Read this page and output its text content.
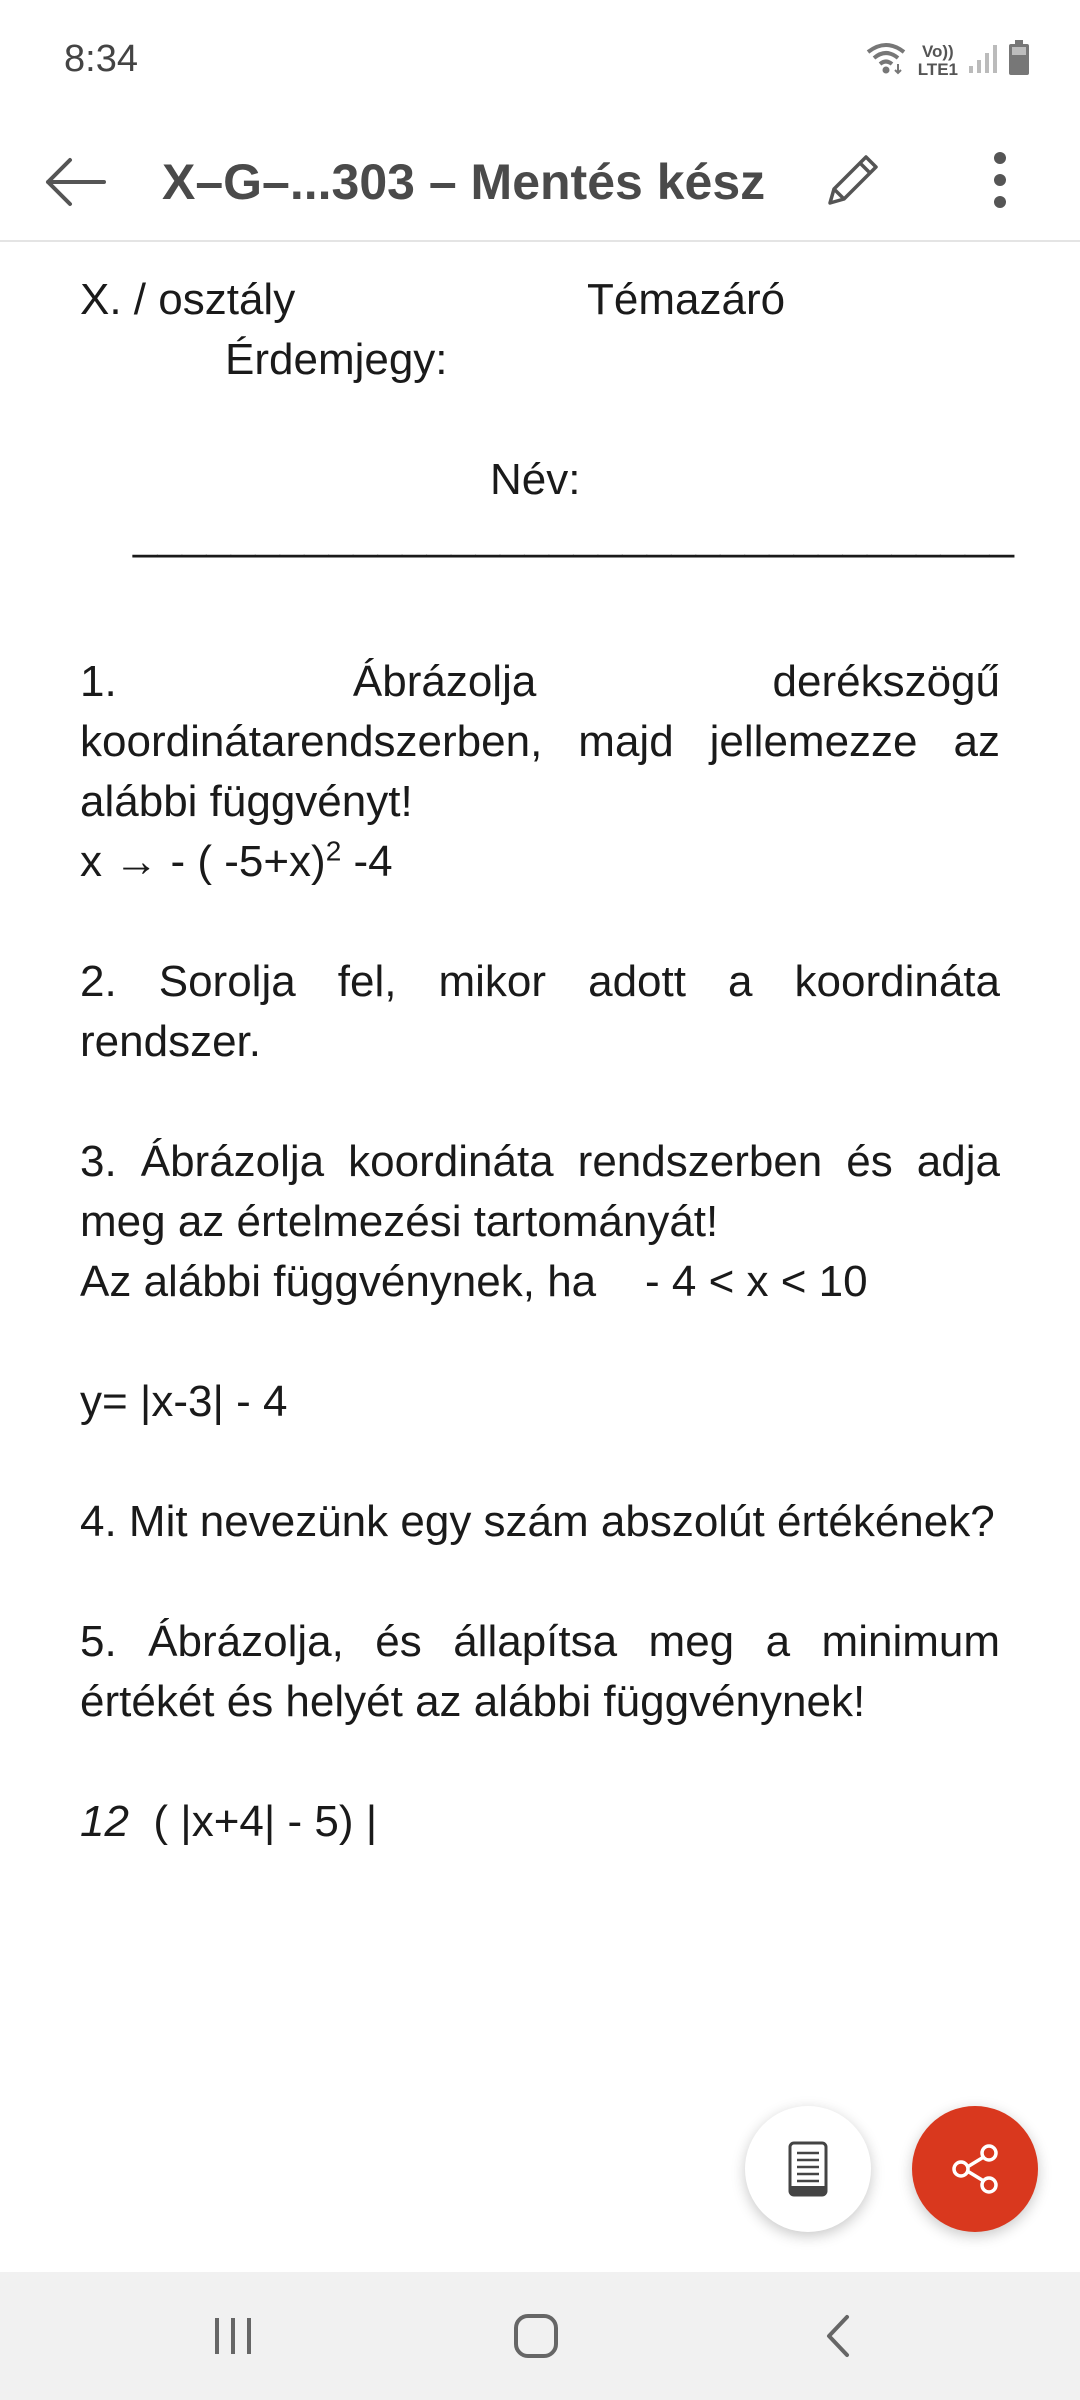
8:34	Vo))
LTE1
X–G–...303 – Mentés kész
X. / osztály	Témazáró
Érdemjegy:
Név:
____________________________________

1. Ábrázolja derékszögű koordinátarendszerben, majd jellemezze az alábbi függvényt!

x → - ( -5+x)$^2$ -4

2. Sorolja fel, mikor adott a koordináta rendszer.

3. Ábrázolja koordináta rendszerben és adja meg az értelmezési tartományát!

Az alábbi függvénynek, ha    - 4 < x < 10

y= |x-3| - 4

4. Mit nevezünk egy szám abszolút értékének?

5. Ábrázolja, és állapítsa meg a minimum értékét és helyét az alábbi függvénynek!

12 ( |x+4| - 5) |
